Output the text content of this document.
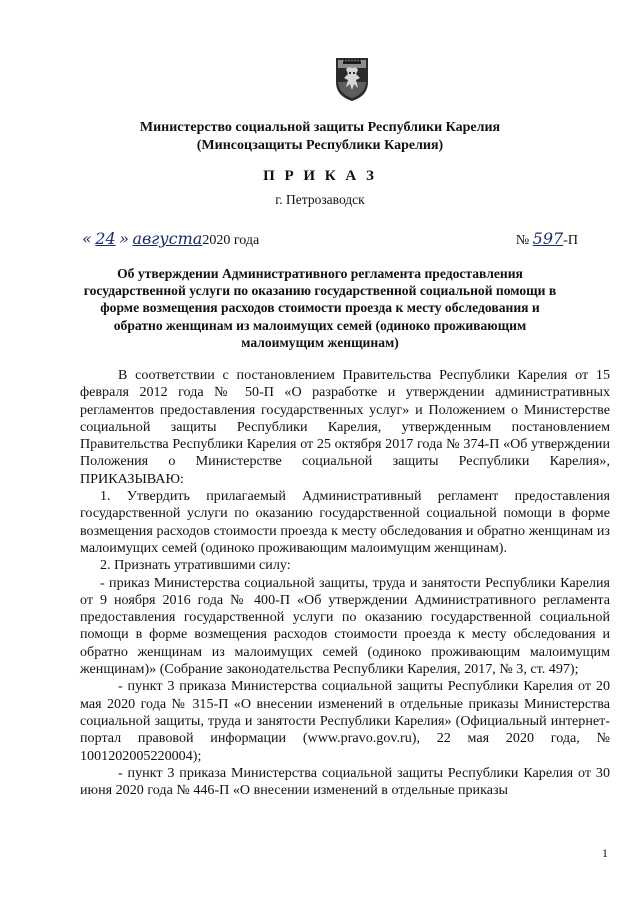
Министерство социальной защиты Республики Карелия
(Минсоцзащиты Республики Карелия)
П Р И К А З
г. Петрозаводск
« 24 » августа2020 года	№ 597-П
Об утверждении Административного регламента предоставления государственной услуги по оказанию государственной социальной помощи в форме возмещения расходов стоимости проезда к месту обследования и обратно женщинам из малоимущих семей (одиноко проживающим малоимущим женщинам)

В соответствии с постановлением Правительства Республики Карелия от 15 февраля 2012 года № 50-П «О разработке и утверждении административных регламентов предоставления государственных услуг» и Положением о Министерстве социальной защиты Республики Карелия, утвержденным постановлением Правительства Республики Карелия от 25 октября 2017 года № 374-П «Об утверждении Положения о Министерстве социальной защиты Республики Карелия», ПРИКАЗЫВАЮ:

1. Утвердить прилагаемый Административный регламент предоставления государственной услуги по оказанию государственной социальной помощи в форме возмещения расходов стоимости проезда к месту обследования и обратно женщинам из малоимущих семей (одиноко проживающим малоимущим женщинам).

2. Признать утратившими силу:

- приказ Министерства социальной защиты, труда и занятости Республики Карелия от 9 ноября 2016 года № 400-П «Об утверждении Административного регламента предоставления государственной услуги по оказанию государственной социальной помощи в форме возмещения расходов стоимости проезда к месту обследования и обратно женщинам из малоимущих семей (одиноко проживающим малоимущим женщинам)» (Собрание законодательства Республики Карелия, 2017, № 3, ст. 497);

- пункт 3 приказа Министерства социальной защиты Республики Карелия от 20 мая 2020 года № 315-П «О внесении изменений в отдельные приказы Министерства социальной защиты, труда и занятости Республики Карелия» (Официальный интернет-портал правовой информации (www.pravo.gov.ru), 22 мая 2020 года, № 1001202005220004);

- пункт 3 приказа Министерства социальной защиты Республики Карелия от 30 июня 2020 года № 446-П «О внесении изменений в отдельные приказы

1
